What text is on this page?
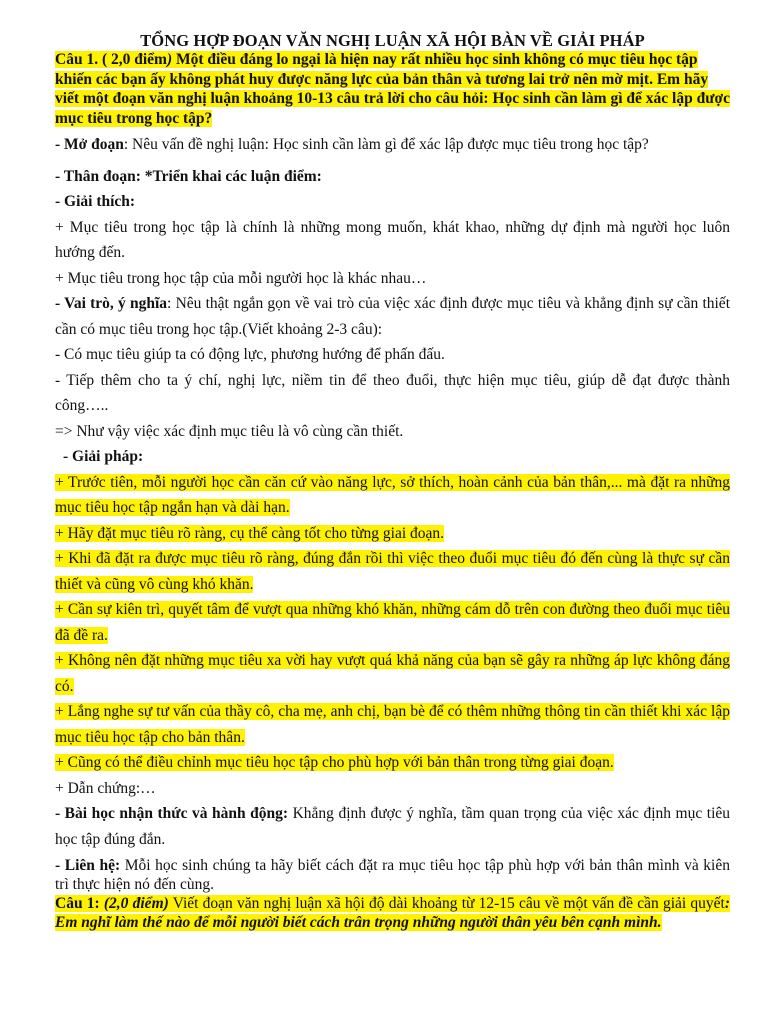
TỔNG HỢP ĐOẠN VĂN NGHỊ LUẬN XÃ HỘI BÀN VỀ GIẢI PHÁP

Câu 1. ( 2,0 điểm) Một điều đáng lo ngại là hiện nay rất nhiều học sinh không có mục tiêu học tập khiến các bạn ấy không phát huy được năng lực của bản thân và tương lai trở nên mờ mịt. Em hãy viết một đoạn văn nghị luận khoảng 10-13 câu trả lời cho câu hỏi: Học sinh cần làm gì để xác lập được mục tiêu trong học tập?

- Mở đoạn: Nêu vấn đề nghị luận: Học sinh cần làm gì để xác lập được mục tiêu trong học tập?

- Thân đoạn: *Triển khai các luận điểm:

- Giải thích:

+ Mục tiêu trong học tập là chính là những mong muốn, khát khao, những dự định mà người học luôn hướng đến.

+ Mục tiêu trong học tập của mỗi người học là khác nhau…

- Vai trò, ý nghĩa: Nêu thật ngắn gọn về vai trò của việc xác định được mục tiêu và khẳng định sự cần thiết cần có mục tiêu trong học tập.(Viết khoảng 2-3 câu):

- Có mục tiêu giúp ta có động lực, phương hướng để phấn đấu.

- Tiếp thêm cho ta ý chí, nghị lực, niềm tin để theo đuổi, thực hiện mục tiêu, giúp dễ đạt được thành công…..

=> Như vậy việc xác định mục tiêu là vô cùng cần thiết.

- Giải pháp:

+ Trước tiên, mỗi người học cần căn cứ vào năng lực, sở thích, hoàn cảnh của bản thân,... mà đặt ra những mục tiêu học tập ngắn hạn và dài hạn.

+ Hãy đặt mục tiêu rõ ràng, cụ thể càng tốt cho từng giai đoạn.

+ Khi đã đặt ra được mục tiêu rõ ràng, đúng đắn rồi thì việc theo đuổi mục tiêu đó đến cùng là thực sự cần thiết và cũng vô cùng khó khăn.

+ Cần sự kiên trì, quyết tâm để vượt qua những khó khăn, những cám dỗ trên con đường theo đuổi mục tiêu đã đề ra.

+ Không nên đặt những mục tiêu xa vời hay vượt quá khả năng của bạn sẽ gây ra những áp lực không đáng có.

+ Lắng nghe sự tư vấn của thầy cô, cha mẹ, anh chị, bạn bè để có thêm những thông tin cần thiết khi xác lập mục tiêu học tập cho bản thân.

+ Cũng có thể điều chỉnh mục tiêu học tập cho phù hợp với bản thân trong từng giai đoạn.

+ Dẫn chứng:…

- Bài học nhận thức và hành động: Khẳng định được ý nghĩa, tầm quan trọng của việc xác định mục tiêu học tập đúng đắn.

- Liên hệ: Mỗi học sinh chúng ta hãy biết cách đặt ra mục tiêu học tập phù hợp với bản thân mình và kiên trì thực hiện nó đến cùng.

Câu 1: (2,0 điểm) Viết đoạn văn nghị luận xã hội độ dài khoảng từ 12-15 câu về một vấn đề cần giải quyết: Em nghĩ làm thế nào để mỗi người biết cách trân trọng những người thân yêu bên cạnh mình.
